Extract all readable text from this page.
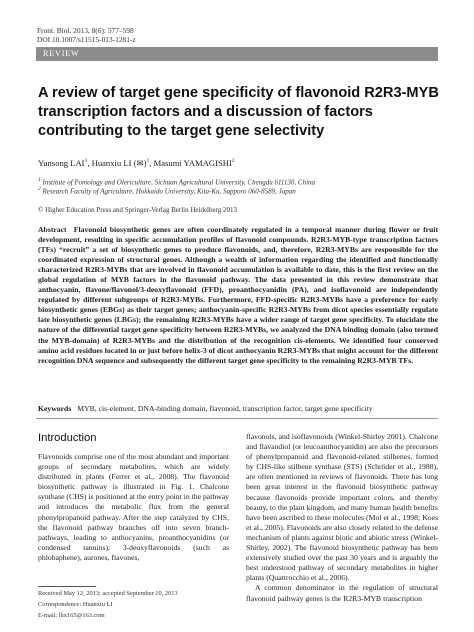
Front. Biol. 2013, 8(6): 577–598
DOI 10.1007/s11515-013-1281-z
REVIEW
A review of target gene specificity of flavonoid R2R3-MYB transcription factors and a discussion of factors contributing to the target gene selectivity
Yunsong LAI$^1$, Huanxiu LI (✉)$^1$, Masumi YAMAGISHI$^2$
$^1$ Institute of Pomology and Olericulture, Sichuan Agricultural University, Chengdu 611130, China
$^2$ Research Faculty of Agriculture, Hokkaido University, Kita-Ku, Sapporo 060-8589, Japan
© Higher Education Press and Springer-Verlag Berlin Heidelberg 2013
Abstract Flavonoid biosynthetic genes are often coordinately regulated in a temporal manner during flower or fruit development, resulting in specific accumulation profiles of flavonoid compounds. R2R3-MYB-type transcription factors (TFs) “recruit” a set of biosynthetic genes to produce flavonoids, and, therefore, R2R3-MYBs are responsible for the coordinated expression of structural genes. Although a wealth of information regarding the identified and functionally characterized R2R3-MYBs that are involved in flavonoid accumulation is available to date, this is the first review on the global regulation of MYB factors in the flavonoid pathway. The data presented in this review demonstrate that anthocyanin, flavone/flavonol/3-deoxyflavonoid (FFD), proanthocyanidin (PA), and isoflavonoid are independently regulated by different subgroups of R2R3-MYBs. Furthermore, FFD-specific R2R3-MYBs have a preference for early biosynthetic genes (EBGs) as their target genes; anthocyanin-specific R2R3-MYBs from dicot species essentially regulate late biosynthetic genes (LBGs); the remaining R2R3-MYBs have a wider range of target gene specificity. To elucidate the nature of the differential target gene specificity between R2R3-MYBs, we analyzed the DNA binding domain (also termed the MYB-domain) of R2R3-MYBs and the distribution of the recognition cis-elements. We identified four conserved amino acid residues located in or just before helix-3 of dicot anthocyanin R2R3-MYBs that might account for the different recognition DNA sequence and subsequently the different target gene specificity to the remaining R2R3-MYB TFs.
Keywords MYB, cis-element, DNA-binding domain, flavonoid, transcription factor, target gene specificity
Introduction

Flavonoids comprise one of the most abundant and important groups of secondary metabolites, which are widely distributed in plants (Ferrer et al., 2008). The flavonoid biosynthetic pathway is illustrated in Fig. 1. Chalcone synthase (CHS) is positioned at the entry point in the pathway and introduces the metabolic flux from the general phenylpropanoid pathway. After the step catalyzed by CHS, the flavonoid pathway branches off into seven branch-pathways, leading to anthocyanins, proanthocyanidins (or condensed tannins), 3-deoxyflavonoids (such as phlobaphene), aurones, flavones,

flavonols, and isoflavonoids (Winkel-Shirley 2001). Chalcone and flavandiol (or leucoanthocyanidin) are also the precursors of phenylpropanoid and flavonoid-related stilbenes, formed by CHS-like stilbene synthase (STS) (Schröder et al., 1988), are often mentioned in reviews of flavonoids. There has long been great interest in the flavonoid biosynthetic pathway because flavonoids provide important colors, and thereby beauty, to the plant kingdom, and many human health benefits have been ascribed to these molecules (Mol et al., 1998; Koes et al., 2005). Flavonoids are also closely related to the defense mechanism of plants against biotic and abiotic stress (Winkel-Shirley, 2002). The flavonoid biosynthetic pathway has been extensively studied over the past 30 years and is arguably the best understood pathway of secondary metabolites in higher plants (Quattrocchio et al., 2006).

A common denominator in the regulation of structural flavonoid pathway genes is the R2R3-MYB transcription

Received May 12, 2013; accepted September 10, 2013
Correspondence: Huanxiu LI
E-mail: lhx165@163.com
